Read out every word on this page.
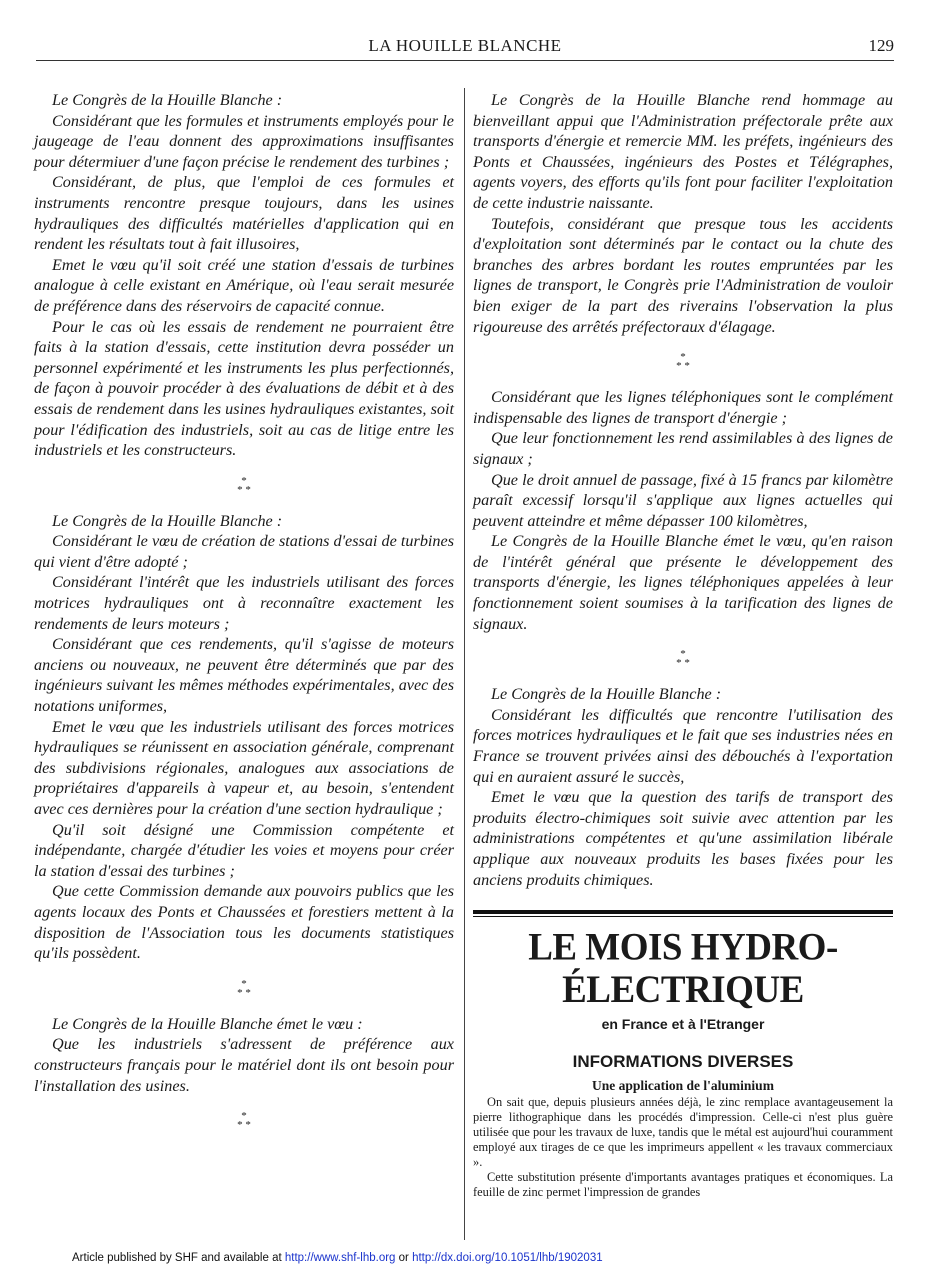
LA HOUILLE BLANCHE	129

Le Congrès de la Houille Blanche :

Considérant que les formules et instruments employés pour le jaugeage de l'eau donnent des approximations insuffisantes pour détermiuer d'une façon précise le rendement des turbines ;

Considérant, de plus, que l'emploi de ces formules et instruments rencontre presque toujours, dans les usines hydrauliques des difficultés matérielles d'application qui en rendent les résultats tout à fait illusoires,

Emet le vœu qu'il soit créé une station d'essais de turbines analogue à celle existant en Amérique, où l'eau serait mesurée de préférence dans des réservoirs de capacité connue.

Pour le cas où les essais de rendement ne pourraient être faits à la station d'essais, cette institution devra posséder un personnel expérimenté et les instruments les plus perfectionnés, de façon à pouvoir procéder à des évaluations de débit et à des essais de rendement dans les usines hydrauliques existantes, soit pour l'édification des industriels, soit au cas de litige entre les industriels et les constructeurs.

*
* *

Le Congrès de la Houille Blanche :

Considérant le vœu de création de stations d'essai de turbines qui vient d'être adopté ;

Considérant l'intérêt que les industriels utilisant des forces motrices hydrauliques ont à reconnaître exactement les rendements de leurs moteurs ;

Considérant que ces rendements, qu'il s'agisse de moteurs anciens ou nouveaux, ne peuvent être déterminés que par des ingénieurs suivant les mêmes méthodes expérimentales, avec des notations uniformes,

Emet le vœu que les industriels utilisant des forces motrices hydrauliques se réunissent en association générale, comprenant des subdivisions régionales, analogues aux associations de propriétaires d'appareils à vapeur et, au besoin, s'entendent avec ces dernières pour la création d'une section hydraulique ;

Qu'il soit désigné une Commission compétente et indépendante, chargée d'étudier les voies et moyens pour créer la station d'essai des turbines ;

Que cette Commission demande aux pouvoirs publics que les agents locaux des Ponts et Chaussées et forestiers mettent à la disposition de l'Association tous les documents statistiques qu'ils possèdent.

*
* *

Le Congrès de la Houille Blanche émet le vœu :

Que les industriels s'adressent de préférence aux constructeurs français pour le matériel dont ils ont besoin pour l'installation des usines.

*
* *

Le Congrès de la Houille Blanche rend hommage au bienveillant appui que l'Administration préfectorale prête aux transports d'énergie et remercie MM. les préfets, ingénieurs des Ponts et Chaussées, ingénieurs des Postes et Télégraphes, agents voyers, des efforts qu'ils font pour faciliter l'exploitation de cette industrie naissante.

Toutefois, considérant que presque tous les accidents d'exploitation sont déterminés par le contact ou la chute des branches des arbres bordant les routes empruntées par les lignes de transport, le Congrès prie l'Administration de vouloir bien exiger de la part des riverains l'observation la plus rigoureuse des arrêtés préfectoraux d'élagage.

*
* *

Considérant que les lignes téléphoniques sont le complément indispensable des lignes de transport d'énergie ;

Que leur fonctionnement les rend assimilables à des lignes de signaux ;

Que le droit annuel de passage, fixé à 15 francs par kilomètre paraît excessif lorsqu'il s'applique aux lignes actuelles qui peuvent atteindre et même dépasser 100 kilomètres,

Le Congrès de la Houille Blanche émet le vœu, qu'en raison de l'intérêt général que présente le développement des transports d'énergie, les lignes téléphoniques appelées à leur fonctionnement soient soumises à la tarification des lignes de signaux.

*
* *

Le Congrès de la Houille Blanche :

Considérant les difficultés que rencontre l'utilisation des forces motrices hydrauliques et le fait que ses industries nées en France se trouvent privées ainsi des débouchés à l'exportation qui en auraient assuré le succès,

Emet le vœu que la question des tarifs de transport des produits électro-chimiques soit suivie avec attention par les administrations compétentes et qu'une assimilation libérale applique aux nouveaux produits les bases fixées pour les anciens produits chimiques.

LE MOIS HYDRO-ÉLECTRIQUE
en France et à l'Etranger
INFORMATIONS DIVERSES
Une application de l'aluminium

On sait que, depuis plusieurs années déjà, le zinc remplace avantageusement la pierre lithographique dans les procédés d'impression. Celle-ci n'est plus guère utilisée que pour les travaux de luxe, tandis que le métal est aujourd'hui couramment employé aux tirages de ce que les imprimeurs appellent « les travaux commerciaux ».

Cette substitution présente d'importants avantages pratiques et économiques. La feuille de zinc permet l'impression de grandes

Article published by SHF and available at http://www.shf-lhb.org or http://dx.doi.org/10.1051/lhb/1902031
